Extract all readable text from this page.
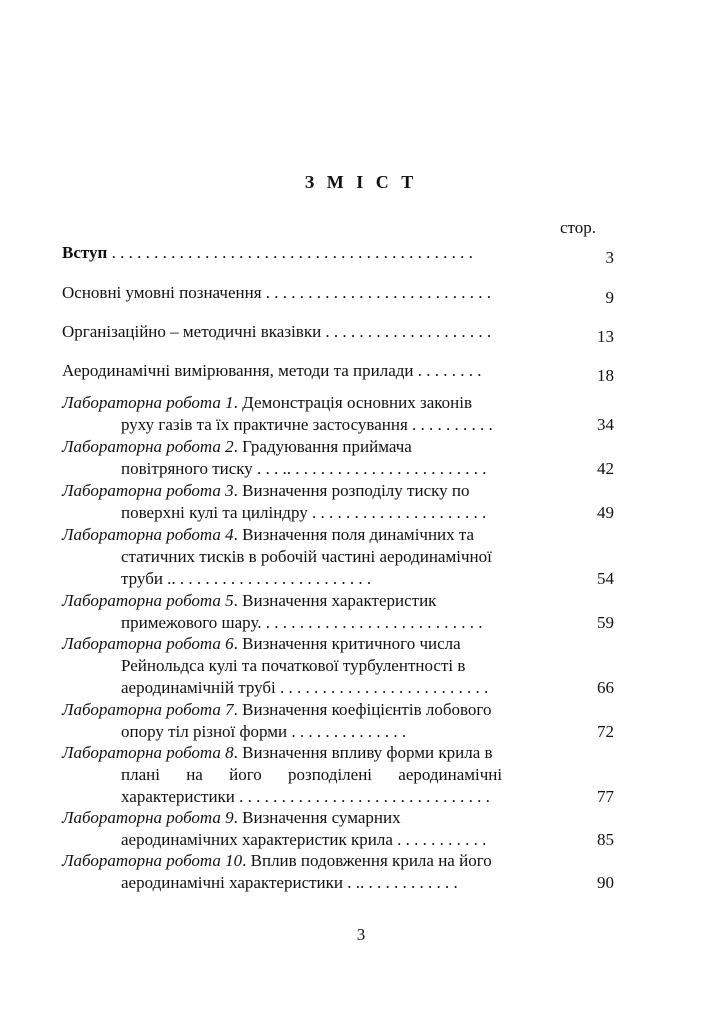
З М І С Т
стор.
Вступ . . . . . . . . . . . . . . . . . . . . . . . . . . . . . . . . . . . . . . . . . . .	3
Основні умовні позначення . . . . . . . . . . . . . . . . . . . . . . . . . . .	9
Організаційно – методичні вказівки . . . . . . . . . . . . . . . . . . . .	13
Аеродинамічні вимірювання, методи та прилади . . . . . . . .	18
Лабораторна робота 1. Демонстрація основних законів
руху газів та їх практичне застосування . . . . . . . . . .	34
Лабораторна робота 2. Градуювання приймача
повітряного тиску . . . .. . . . . . . . . . . . . . . . . . . . . . . .	42
Лабораторна робота 3. Визначення розподілу тиску по
поверхні кулі та циліндру . . . . . . . . . . . . . . . . . . . . .	49
Лабораторна робота 4. Визначення поля динамічних та
статичних тисків в робочій частині аеродинамічної
труби .. . . . . . . . . . . . . . . . . . . . . . . .	54
Лабораторна робота 5. Визначення характеристик
примежового шару. . . . . . . . . . . . . . . . . . . . . . . . . . .	59
Лабораторна робота 6. Визначення критичного числа
Рейнольдса кулі та початкової турбулентності в
аеродинамічній трубі . . . . . . . . . . . . . . . . . . . . . . . . .	66
Лабораторна робота 7. Визначення коефіцієнтів лобового
опору тіл різної форми . . . . . . . . . . . . . .	72
Лабораторна робота 8. Визначення впливу форми крила в
плані на його розподілені аеродинамічні
характеристики . . . . . . . . . . . . . . . . . . . . . . . . . . . . . .	77
Лабораторна робота 9. Визначення сумарних
аеродинамічних характеристик крила . . . . . . . . . . .	85
Лабораторна робота 10. Вплив подовження крила на його
аеродинамічні характеристики . .. . . . . . . . . . . .	90
3
